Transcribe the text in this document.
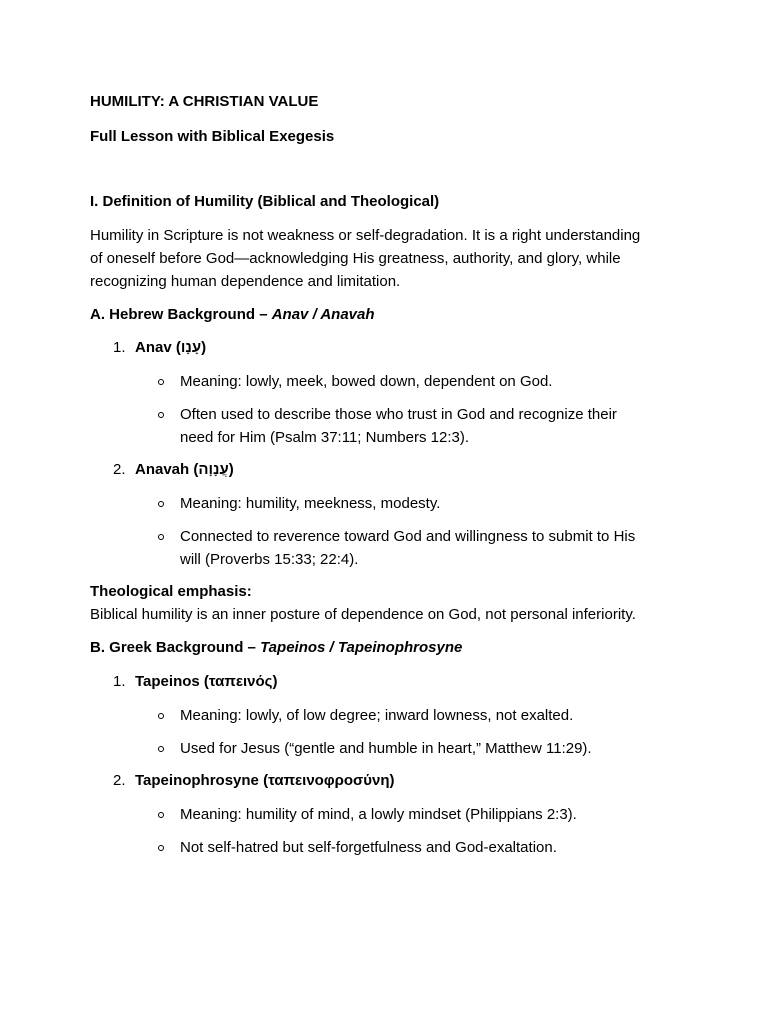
HUMILITY: A CHRISTIAN VALUE
Full Lesson with Biblical Exegesis
I. Definition of Humility (Biblical and Theological)
Humility in Scripture is not weakness or self-degradation. It is a right understanding
of oneself before God—acknowledging His greatness, authority, and glory, while
recognizing human dependence and limitation.
A. Hebrew Background – Anav / Anavah
1. Anav (עָנָו)
Meaning: lowly, meek, bowed down, dependent on God.
Often used to describe those who trust in God and recognize their
need for Him (Psalm 37:11; Numbers 12:3).
2. Anavah (עֲנָוָה)
Meaning: humility, meekness, modesty.
Connected to reverence toward God and willingness to submit to His
will (Proverbs 15:33; 22:4).
Theological emphasis:
Biblical humility is an inner posture of dependence on God, not personal inferiority.
B. Greek Background – Tapeinos / Tapeinophrosyne
1. Tapeinos (ταπεινός)
Meaning: lowly, of low degree; inward lowness, not exalted.
Used for Jesus (“gentle and humble in heart,” Matthew 11:29).
2. Tapeinophrosyne (ταπεινοφροσύνη)
Meaning: humility of mind, a lowly mindset (Philippians 2:3).
Not self-hatred but self-forgetfulness and God-exaltation.
